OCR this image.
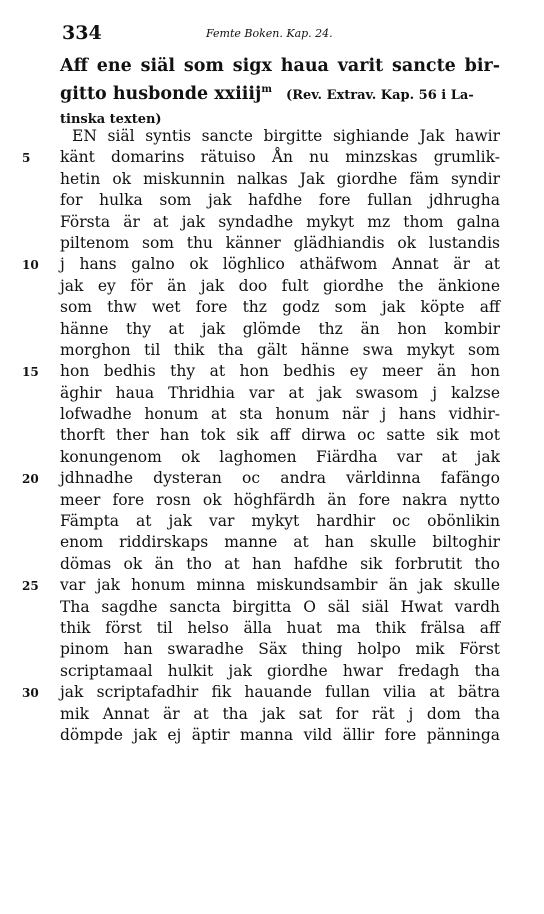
334	Femte Boken. Kap. 24.
Aff ene siäl som sigx haua varit sancte bir-
gitto husbonde xxiiij$^m$ (Rev. Extrav. Kap. 56 i La-
tinska texten)
EN siäl syntis sancte birgitte sighiande Jak hawir
5 känt domarins rätuiso Ån nu minzskas grumlik-
hetin ok miskunnin nalkas Jak giordhe fäm syndir
for hulka som jak hafdhe fore fullan jdhrugha
Första är at jak syndadhe mykyt mz thom galna
piltenom som thu känner glädhiandis ok lustandis
10 j hans galno ok löghlico athäfwom Annat är at
jak ey för än jak doo fult giordhe the änkione
som thw wet fore thz godz som jak köpte aff
hänne thy at jak glömde thz än hon kombir
morghon til thik tha gält hänne swa mykyt som
15 hon bedhis thy at hon bedhis ey meer än hon
äghir haua Thridhia var at jak swasom j kalzse
lofwadhe honum at sta honum när j hans vidhir-
thorft ther han tok sik aff dirwa oc satte sik mot
konungenom ok laghomen Fiärdha var at jak
20 jdhnadhe dysteran oc andra världinna fafängo
meer fore rosn ok höghfärdh än fore nakra nytto
Fämpta at jak var mykyt hardhir oc obönlikin
enom riddirskaps manne at han skulle biltoghir
dömas ok än tho at han hafdhe sik forbrutit tho
25 var jak honum minna miskundsambir än jak skulle
Tha sagdhe sancta birgitta O säl siäl Hwat vardh
thik först til helso älla huat ma thik frälsa aff
pinom han swaradhe Säx thing holpo mik Först
scriptamaal hulkit jak giordhe hwar fredagh tha
30 jak scriptafadhir fik hauande fullan vilia at bätra
mik Annat är at tha jak sat for rät j dom tha
dömpde jak ej äptir manna vild ällir fore pänninga
